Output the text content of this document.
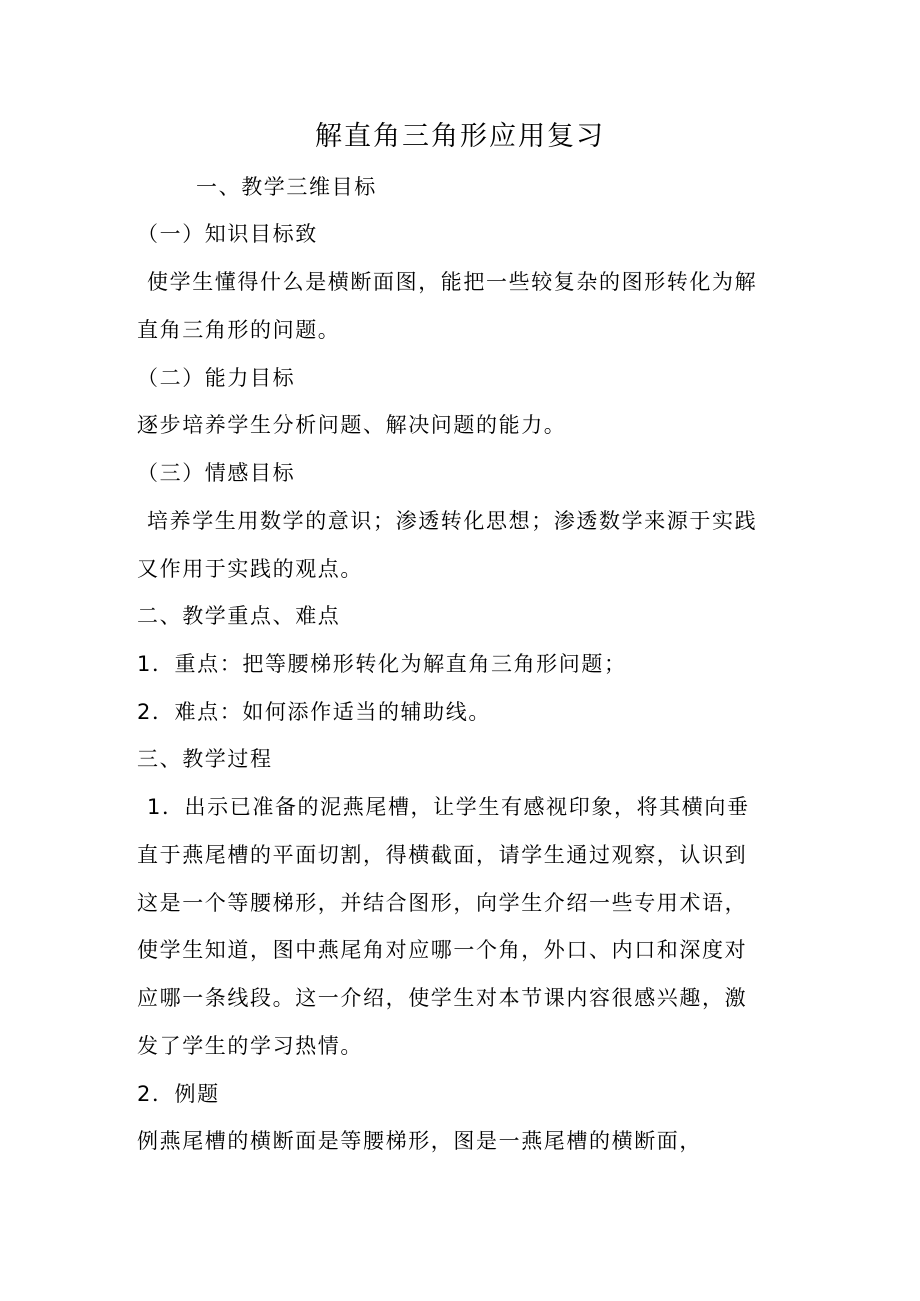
解直角三角形应用复习
一、教学三维目标
（一）知识目标致
使学生懂得什么是横断面图，能把一些较复杂的图形转化为解
直角三角形的问题。
（二）能力目标
逐步培养学生分析问题、解决问题的能力。
（三）情感目标
培养学生用数学的意识；渗透转化思想；渗透数学来源于实践
又作用于实践的观点。
二、教学重点、难点
1．重点：把等腰梯形转化为解直角三角形问题；
2．难点：如何添作适当的辅助线。
三、教学过程
1．出示已准备的泥燕尾槽，让学生有感视印象，将其横向垂
直于燕尾槽的平面切割，得横截面，请学生通过观察，认识到
这是一个等腰梯形，并结合图形，向学生介绍一些专用术语，
使学生知道，图中燕尾角对应哪一个角，外口、内口和深度对
应哪一条线段。这一介绍，使学生对本节课内容很感兴趣，激
发了学生的学习热情。
2．例题
例燕尾槽的横断面是等腰梯形，图是一燕尾槽的横断面，
